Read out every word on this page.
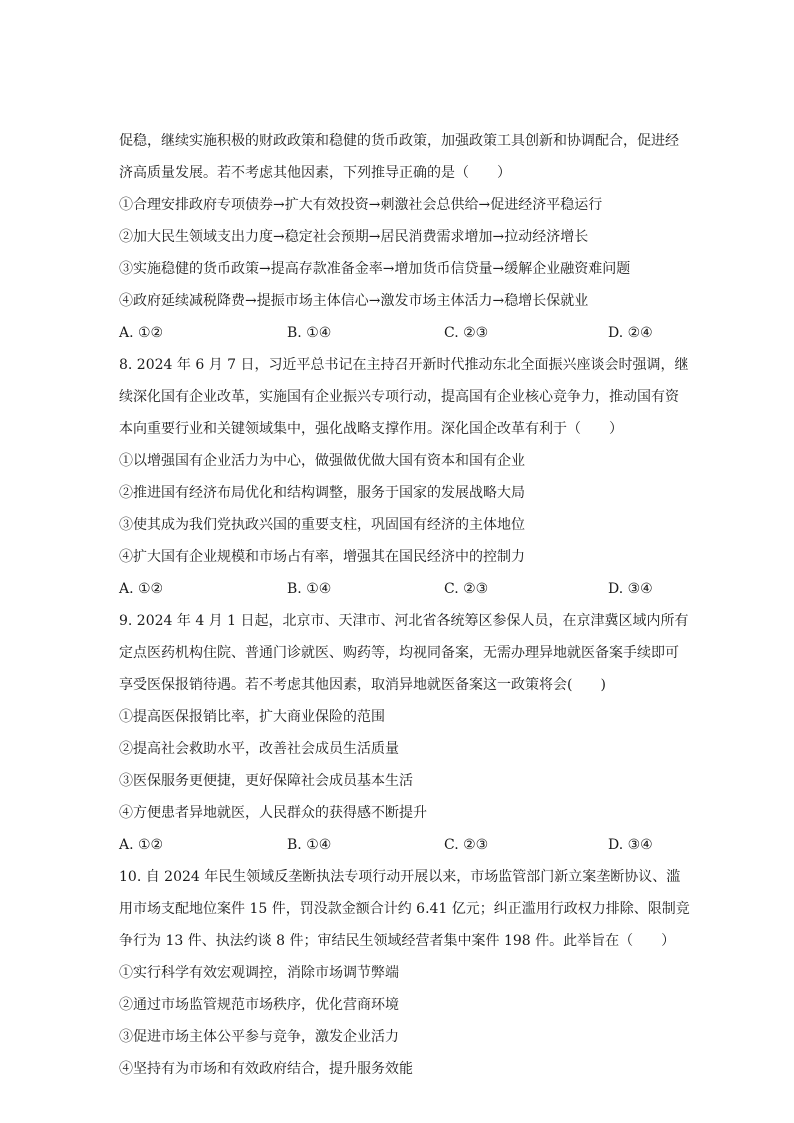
促稳，继续实施积极的财政政策和稳健的货币政策，加强政策工具创新和协调配合，促进经
济高质量发展。若不考虑其他因素，下列推导正确的是（　　）
①合理安排政府专项债券→扩大有效投资→刺激社会总供给→促进经济平稳运行
②加大民生领域支出力度→稳定社会预期→居民消费需求增加→拉动经济增长
③实施稳健的货币政策→提高存款准备金率→增加货币信贷量→缓解企业融资难问题
④政府延续减税降费→提振市场主体信心→激发市场主体活力→稳增长保就业
A. ①②	B. ①④	C. ②③	D. ②④
8. 2024 年 6 月 7 日，习近平总书记在主持召开新时代推动东北全面振兴座谈会时强调，继
续深化国有企业改革，实施国有企业振兴专项行动，提高国有企业核心竞争力，推动国有资
本向重要行业和关键领域集中，强化战略支撑作用。深化国企改革有利于（　　）
①以增强国有企业活力为中心，做强做优做大国有资本和国有企业
②推进国有经济布局优化和结构调整，服务于国家的发展战略大局
③使其成为我们党执政兴国的重要支柱，巩固国有经济的主体地位
④扩大国有企业规模和市场占有率，增强其在国民经济中的控制力
A. ①②	B. ①④	C. ②③	D. ③④
9. 2024 年 4 月 1 日起，北京市、天津市、河北省各统筹区参保人员，在京津冀区域内所有
定点医药机构住院、普通门诊就医、购药等，均视同备案，无需办理异地就医备案手续即可
享受医保报销待遇。若不考虑其他因素，取消异地就医备案这一政策将会(　　)
①提高医保报销比率，扩大商业保险的范围
②提高社会救助水平，改善社会成员生活质量
③医保服务更便捷，更好保障社会成员基本生活
④方便患者异地就医，人民群众的获得感不断提升
A. ①②	B. ①④	C. ②③	D. ③④
10. 自 2024 年民生领域反垄断执法专项行动开展以来，市场监管部门新立案垄断协议、滥
用市场支配地位案件 15 件，罚没款金额合计约 6.41 亿元；纠正滥用行政权力排除、限制竞
争行为 13 件、执法约谈 8 件；审结民生领域经营者集中案件 198 件。此举旨在（　　）
①实行科学有效宏观调控，消除市场调节弊端
②通过市场监管规范市场秩序，优化营商环境
③促进市场主体公平参与竞争，激发企业活力
④坚持有为市场和有效政府结合，提升服务效能
